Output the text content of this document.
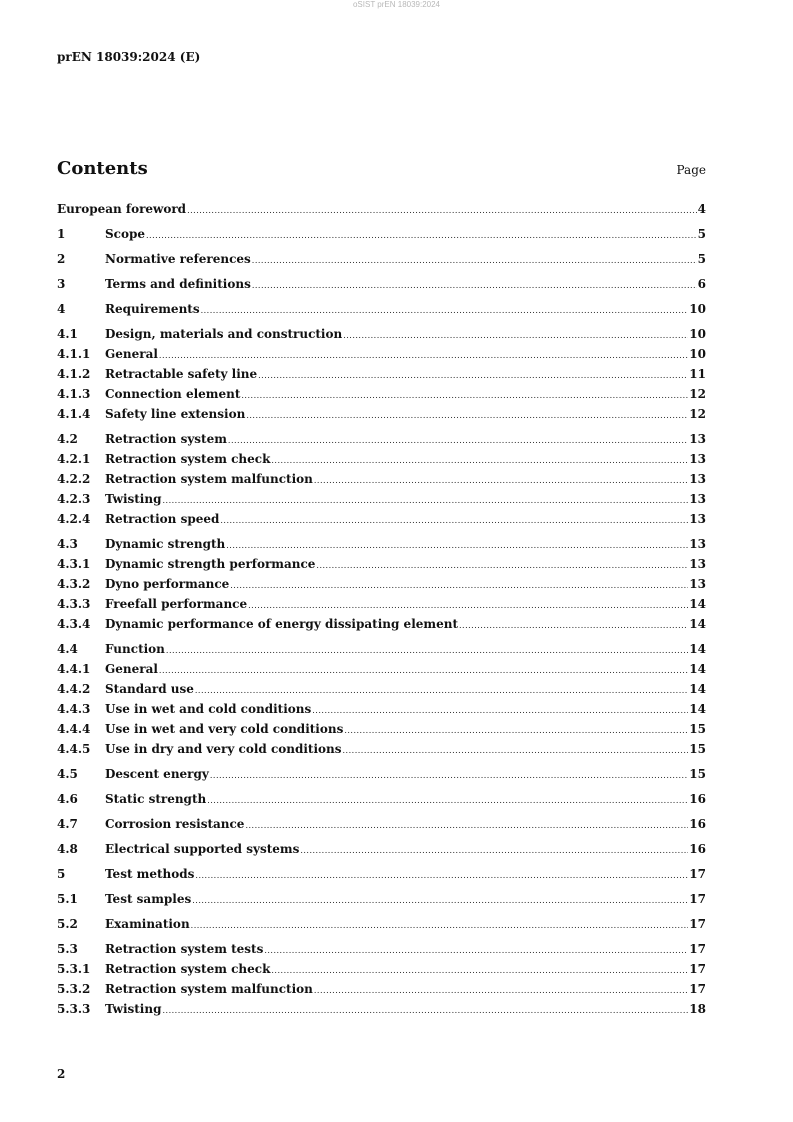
oSIST prEN 18039:2024
prEN 18039:2024 (E)
Contents	Page
European foreword .....	4
1	Scope .....	5
2	Normative references .....	5
3	Terms and definitions .....	6
4	Requirements .....	10
4.1	Design, materials and construction .....	10
4.1.1	General .....	10
4.1.2	Retractable safety line .....	11
4.1.3	Connection element .....	12
4.1.4	Safety line extension .....	12
4.2	Retraction system .....	13
4.2.1	Retraction system check .....	13
4.2.2	Retraction system malfunction .....	13
4.2.3	Twisting .....	13
4.2.4	Retraction speed .....	13
4.3	Dynamic strength .....	13
4.3.1	Dynamic strength performance .....	13
4.3.2	Dyno performance .....	13
4.3.3	Freefall performance .....	14
4.3.4	Dynamic performance of energy dissipating element .....	14
4.4	Function .....	14
4.4.1	General .....	14
4.4.2	Standard use .....	14
4.4.3	Use in wet and cold conditions .....	14
4.4.4	Use in wet and very cold conditions .....	15
4.4.5	Use in dry and very cold conditions .....	15
4.5	Descent energy .....	15
4.6	Static strength .....	16
4.7	Corrosion resistance .....	16
4.8	Electrical supported systems .....	16
5	Test methods .....	17
5.1	Test samples .....	17
5.2	Examination .....	17
5.3	Retraction system tests .....	17
5.3.1	Retraction system check .....	17
5.3.2	Retraction system malfunction .....	17
5.3.3	Twisting .....	18
2
